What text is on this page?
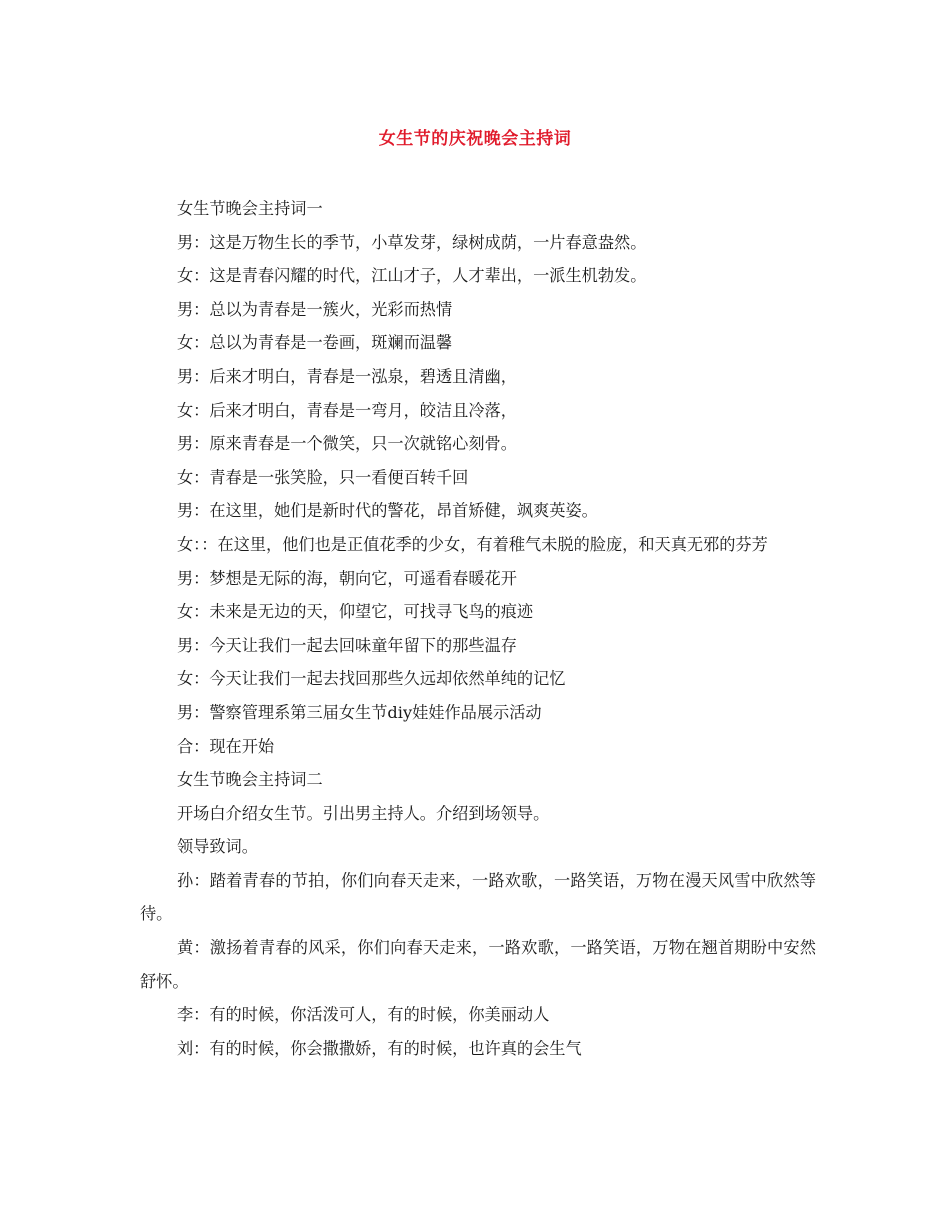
女生节的庆祝晚会主持词

女生节晚会主持词一

男：这是万物生长的季节，小草发芽，绿树成荫，一片春意盎然。

女：这是青春闪耀的时代，江山才子，人才辈出，一派生机勃发。

男：总以为青春是一簇火，光彩而热情

女：总以为青春是一卷画，斑斓而温馨

男：后来才明白，青春是一泓泉，碧透且清幽，

女：后来才明白，青春是一弯月，皎洁且冷落，

男：原来青春是一个微笑，只一次就铭心刻骨。

女：青春是一张笑脸，只一看便百转千回

男：在这里，她们是新时代的警花，昂首矫健，飒爽英姿。

女：：在这里，他们也是正值花季的少女，有着稚气未脱的脸庞，和天真无邪的芬芳

男：梦想是无际的海，朝向它，可遥看春暖花开

女：未来是无边的天，仰望它，可找寻飞鸟的痕迹

男：今天让我们一起去回味童年留下的那些温存

女：今天让我们一起去找回那些久远却依然单纯的记忆

男：警察管理系第三届女生节diy娃娃作品展示活动

合：现在开始

女生节晚会主持词二

开场白介绍女生节。引出男主持人。介绍到场领导。

领导致词。

孙：踏着青春的节拍，你们向春天走来，一路欢歌，一路笑语，万物在漫天风雪中欣然等待。

黄：激扬着青春的风采，你们向春天走来，一路欢歌，一路笑语，万物在翘首期盼中安然舒怀。

李：有的时候，你活泼可人，有的时候，你美丽动人

刘：有的时候，你会撒撒娇，有的时候，也许真的会生气
